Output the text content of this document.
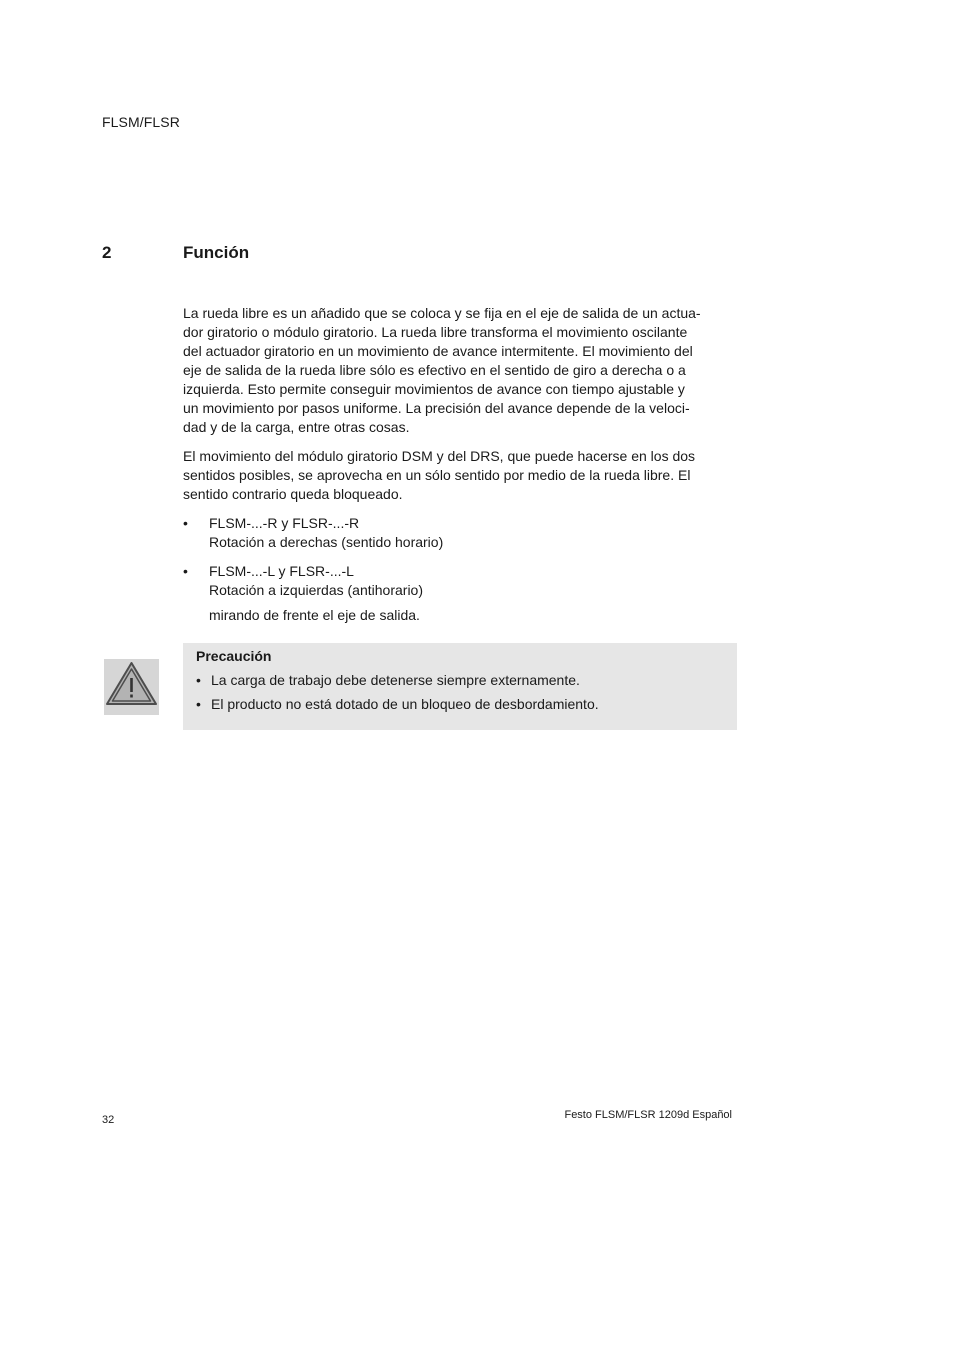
FLSM/FLSR
2	Función

La rueda libre es un añadido que se coloca y se fija en el eje de salida de un actua-
dor giratorio o módulo giratorio. La rueda libre transforma el movimiento oscilante
del actuador giratorio en un movimiento de avance intermitente. El movimiento del
eje de salida de la rueda libre sólo es efectivo en el sentido de giro a derecha o a
izquierda. Esto permite conseguir movimientos de avance con tiempo ajustable y
un movimiento por pasos uniforme. La precisión del avance depende de la veloci-
dad y de la carga, entre otras cosas.

El movimiento del módulo giratorio DSM y del DRS, que puede hacerse en los dos
sentidos posibles, se aprovecha en un sólo sentido por medio de la rueda libre. El
sentido contrario queda bloqueado.

• FLSM-...-R y FLSR-...-R
Rotación a derechas (sentido horario)
• FLSM-...-L y FLSR-...-L
Rotación a izquierdas (antihorario)

mirando de frente el eje de salida.

Precaución
• La carga de trabajo debe detenerse siempre externamente.
• El producto no está dotado de un bloqueo de desbordamiento.
32	Festo FLSM/FLSR 1209d Español
